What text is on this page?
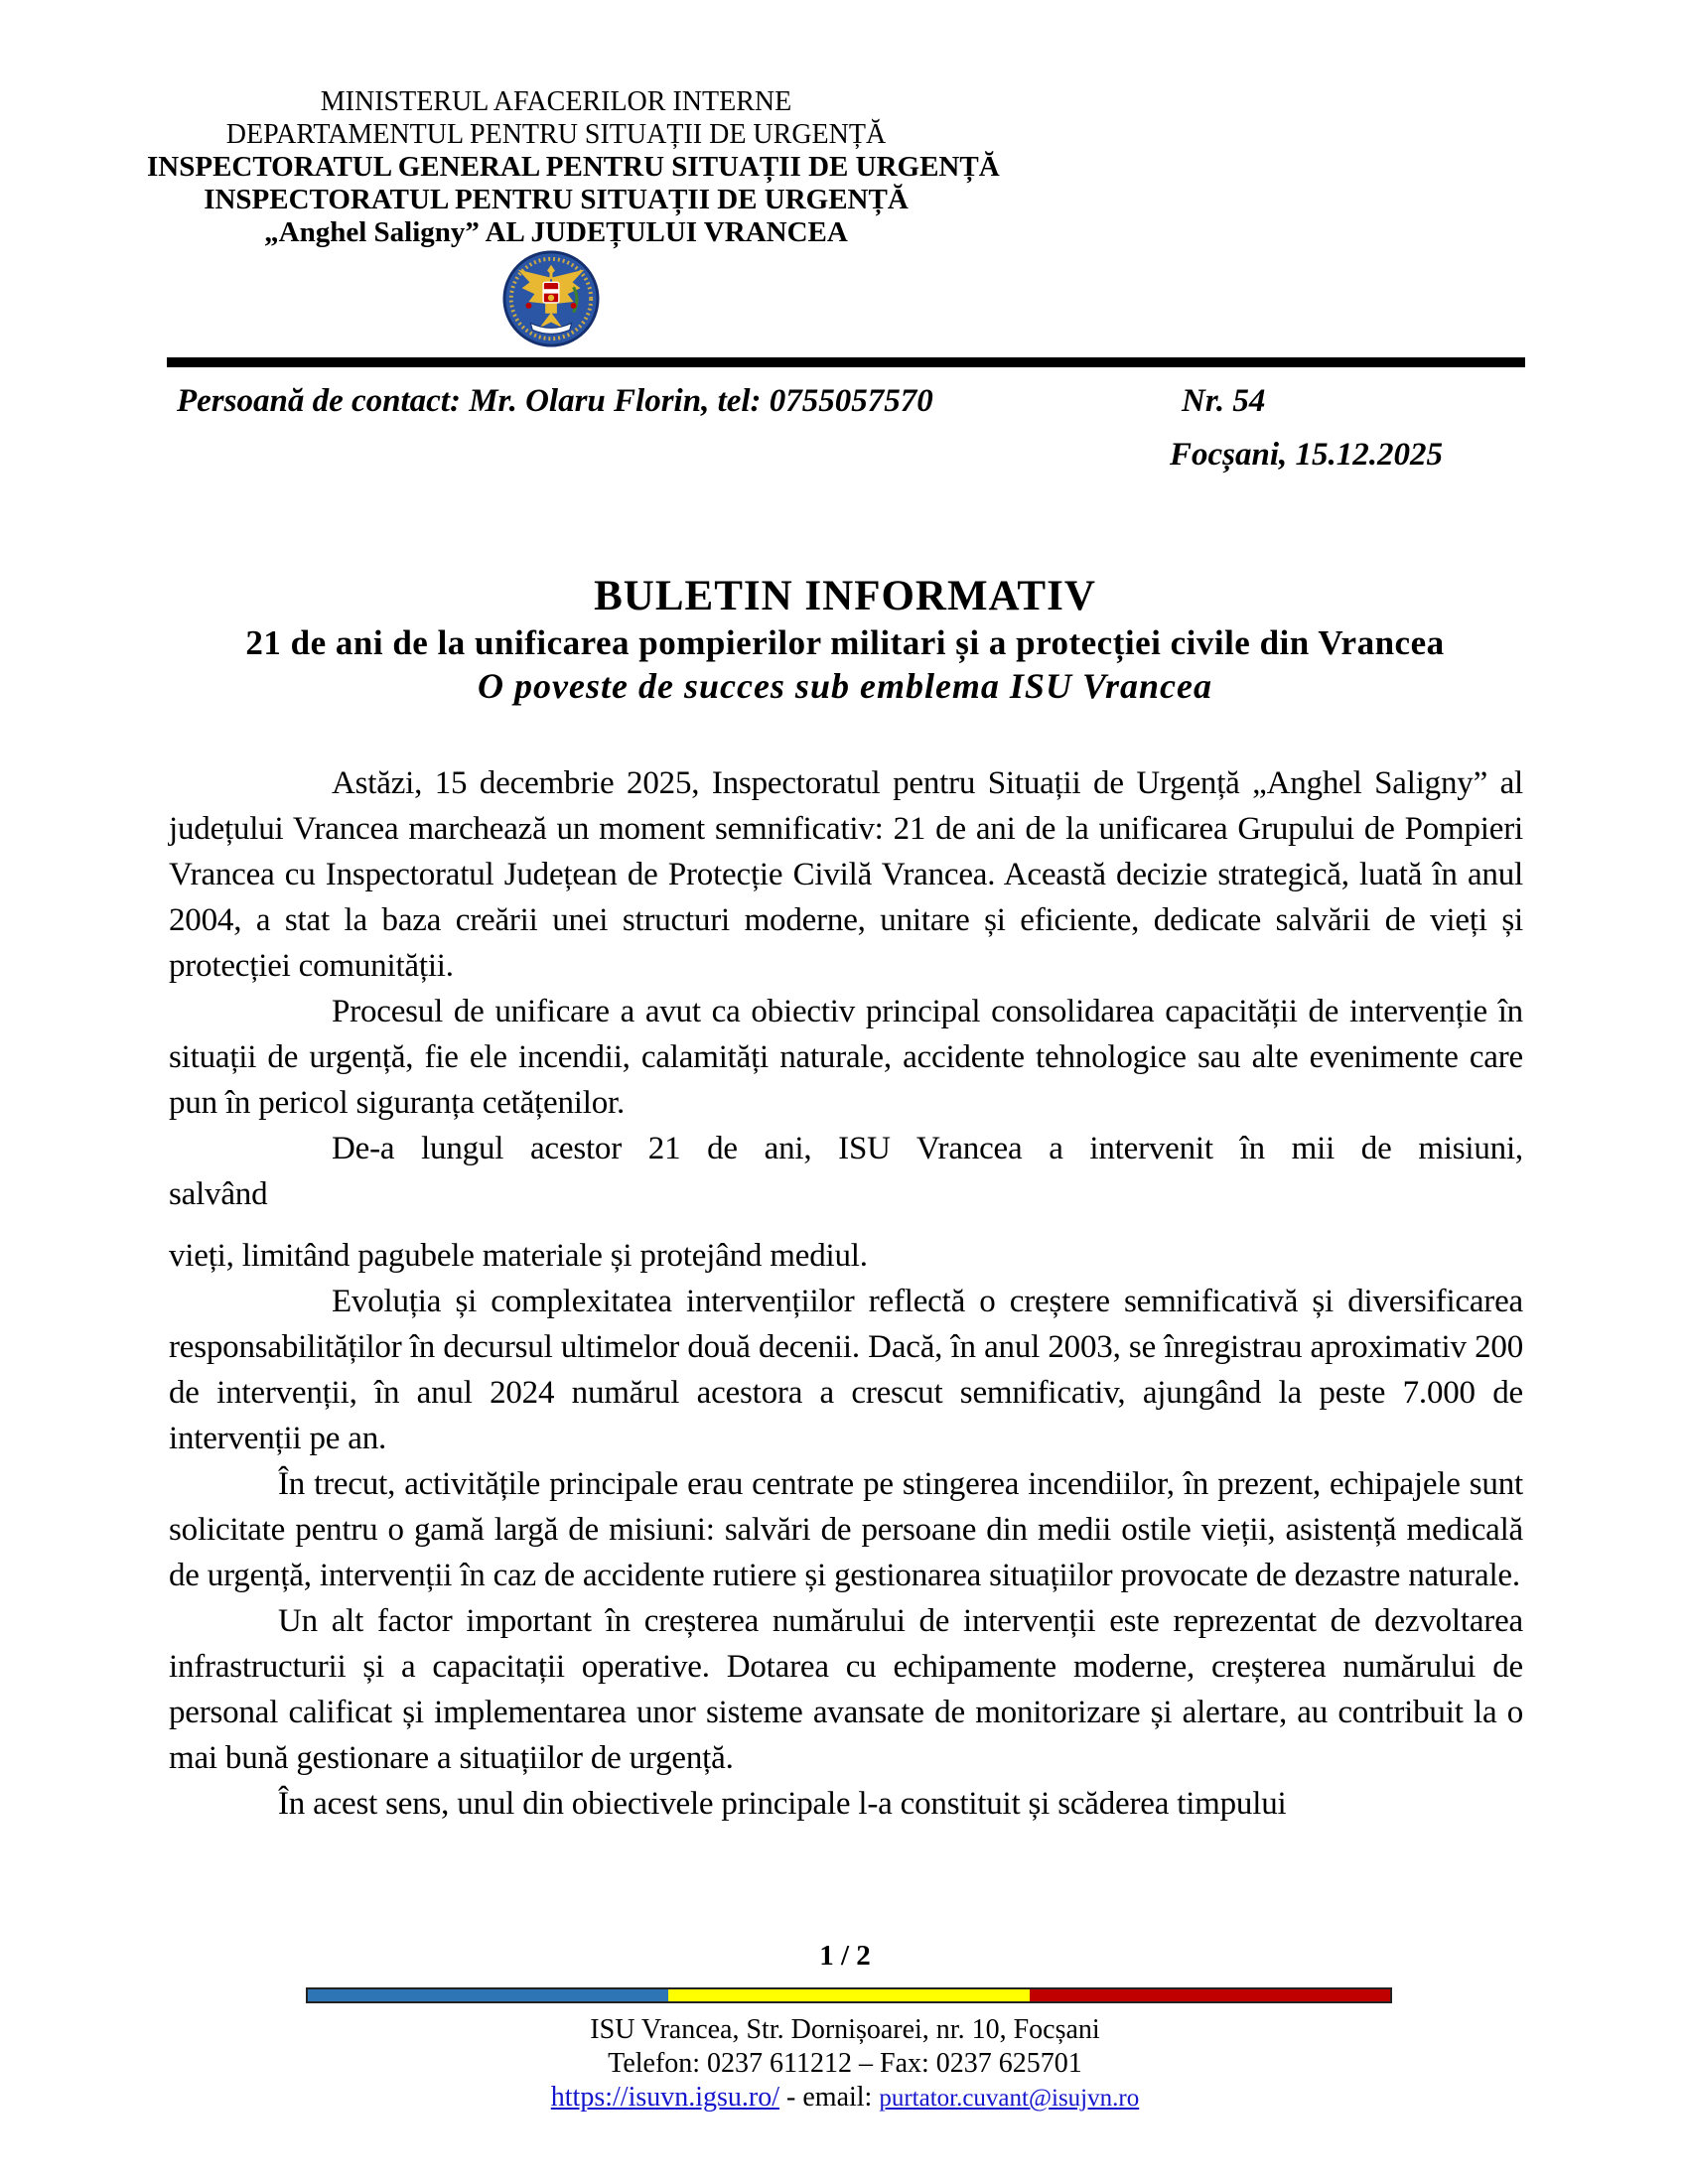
MINISTERUL AFACERILOR INTERNE
DEPARTAMENTUL PENTRU SITUAȚII DE URGENȚĂ
INSPECTORATUL GENERAL PENTRU SITUAȚII DE URGENȚĂ
INSPECTORATUL PENTRU SITUAȚII DE URGENȚĂ
„Anghel Saligny” AL JUDEȚULUI VRANCEA
Persoană de contact: Mr. Olaru Florin, tel: 0755057570	Nr. 54
Focșani, 15.12.2025
BULETIN INFORMATIV
21 de ani de la unificarea pompierilor militari și a protecției civile din Vrancea
O poveste de succes sub emblema ISU Vrancea

Astăzi, 15 decembrie 2025, Inspectoratul pentru Situații de Urgență „Anghel Saligny” al județului Vrancea marchează un moment semnificativ: 21 de ani de la unificarea Grupului de Pompieri Vrancea cu Inspectoratul Județean de Protecție Civilă Vrancea. Această decizie strategică, luată în anul 2004, a stat la baza creării unei structuri moderne, unitare și eficiente, dedicate salvării de vieți și protecției comunității.

Procesul de unificare a avut ca obiectiv principal consolidarea capacității de intervenție în situații de urgență, fie ele incendii, calamități naturale, accidente tehnologice sau alte evenimente care pun în pericol siguranța cetățenilor.

De-a lungul acestor 21 de ani, ISU Vrancea a intervenit în mii de misiuni,

salvând

vieți, limitând pagubele materiale și protejând mediul.

Evoluția și complexitatea intervențiilor reflectă o creștere semnificativă și diversificarea responsabilităților în decursul ultimelor două decenii. Dacă, în anul 2003, se înregistrau aproximativ 200 de intervenții, în anul 2024 numărul acestora a crescut semnificativ, ajungând la peste 7.000 de intervenții pe an.

În trecut, activitățile principale erau centrate pe stingerea incendiilor, în prezent, echipajele sunt solicitate pentru o gamă largă de misiuni: salvări de persoane din medii ostile vieții, asistență medicală de urgență, intervenții în caz de accidente rutiere și gestionarea situațiilor provocate de dezastre naturale.

Un alt factor important în creșterea numărului de intervenții este reprezentat de dezvoltarea infrastructurii și a capacitații operative. Dotarea cu echipamente moderne, creșterea numărului de personal calificat și implementarea unor sisteme avansate de monitorizare și alertare, au contribuit la o mai bună gestionare a situațiilor de urgență.

În acest sens, unul din obiectivele principale l-a constituit și scăderea timpului

1 / 2
ISU Vrancea, Str. Dornișoarei, nr. 10, Focșani
Telefon: 0237 611212 – Fax: 0237 625701
https://isuvn.igsu.ro/ - email: purtator.cuvant@isujvn.ro
